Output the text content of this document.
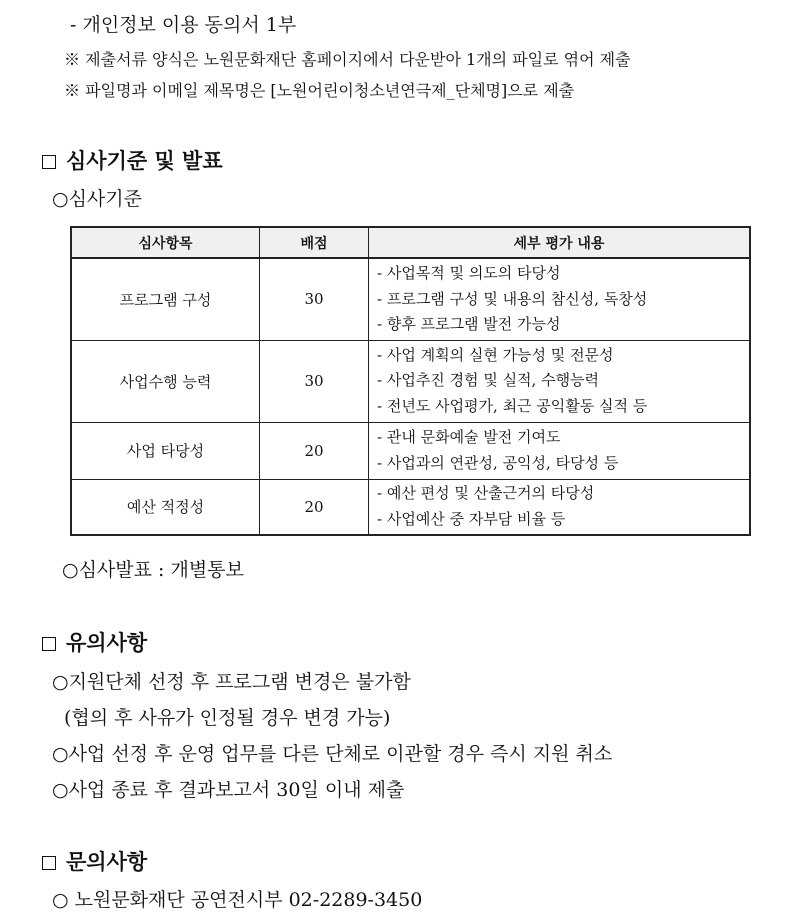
- 개인정보 이용 동의서 1부
※ 제출서류 양식은 노원문화재단 홈페이지에서 다운받아 1개의 파일로 엮어 제출
※ 파일명과 이메일 제목명은 [노원어린이청소년연극제_단체명]으로 제출
심사기준 및 발표
○심사기준
심사항목	배점	세부 평가 내용
프로그램 구성	30	- 사업목적 및 의도의 타당성
- 프로그램 구성 및 내용의 참신성, 독창성
- 향후 프로그램 발전 가능성

사업수행 능력	30	- 사업 계획의 실현 가능성 및 전문성
- 사업추진 경험 및 실적, 수행능력
- 전년도 사업평가, 최근 공익활동 실적 등

사업 타당성	20	- 관내 문화예술 발전 기여도
- 사업과의 연관성, 공익성, 타당성 등

예산 적정성	20	- 예산 편성 및 산출근거의 타당성
- 사업예산 중 자부담 비율 등
○심사발표 : 개별통보
유의사항
○지원단체 선정 후 프로그램 변경은 불가함
(협의 후 사유가 인정될 경우 변경 가능)
○사업 선정 후 운영 업무를 다른 단체로 이관할 경우 즉시 지원 취소
○사업 종료 후 결과보고서 30일 이내 제출
문의사항
○ 노원문화재단 공연전시부 02-2289-3450
